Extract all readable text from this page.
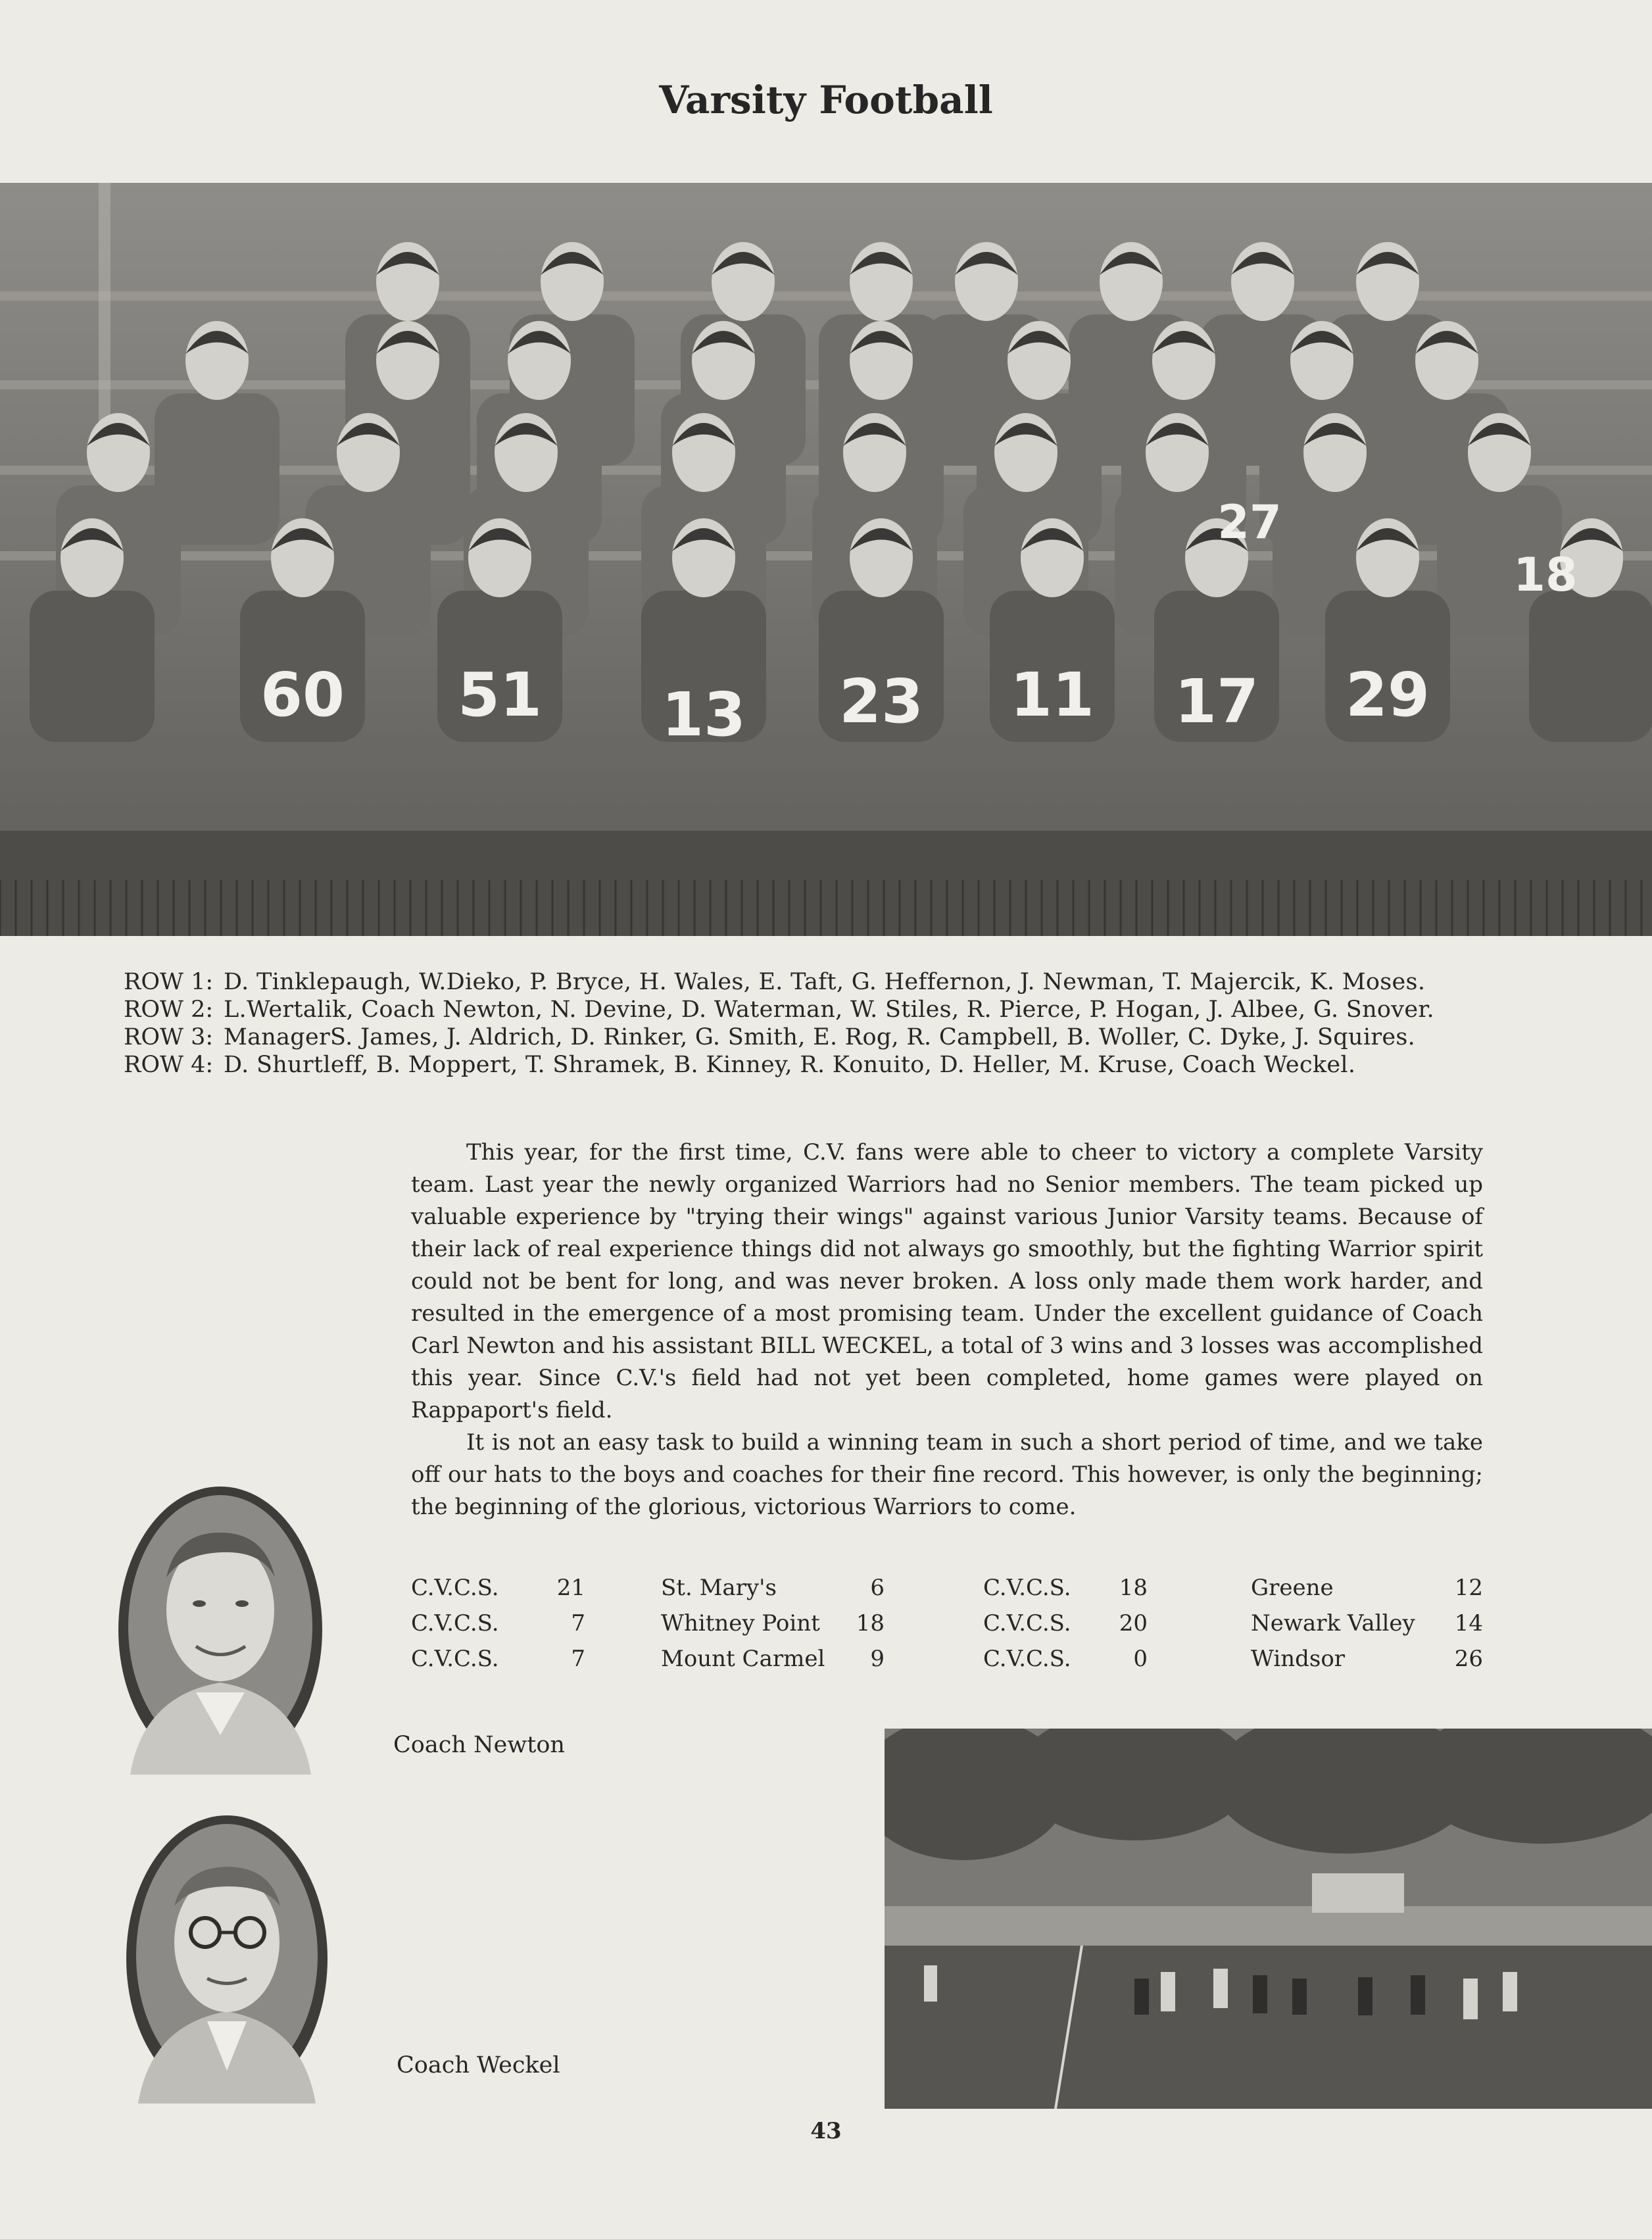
Varsity Football
60 51 13 23 11 17 29
27
18
ROW 1: D. Tinklepaugh, W.Dieko, P. Bryce, H. Wales, E. Taft, G. Heffernon, J. Newman, T. Majercik, K. Moses.
ROW 2: L.Wertalik, Coach Newton, N. Devine, D. Waterman, W. Stiles, R. Pierce, P. Hogan, J. Albee, G. Snover.
ROW 3: ManagerS. James, J. Aldrich, D. Rinker, G. Smith, E. Rog, R. Campbell, B. Woller, C. Dyke, J. Squires.
ROW 4: D. Shurtleff, B. Moppert, T. Shramek, B. Kinney, R. Konuito, D. Heller, M. Kruse, Coach Weckel.

This year, for the first time, C.V. fans were able to cheer to victory a complete Varsity team. Last year the newly organized Warriors had no Senior members. The team picked up valuable experience by "trying their wings" against various Junior Varsity teams. Because of their lack of real experience things did not always go smoothly, but the fighting Warrior spirit could not be bent for long, and was never broken. A loss only made them work harder, and resulted in the emergence of a most promising team. Under the excellent guidance of Coach Carl Newton and his assistant BILL WECKEL, a total of 3 wins and 3 losses was accomplished this year. Since C.V.'s field had not yet been completed, home games were played on Rappaport's field.

It is not an easy task to build a winning team in such a short period of time, and we take off our hats to the boys and coaches for their fine record. This however, is only the beginning; the beginning of the glorious, victorious Warriors to come.

C.V.C.S.	21	St. Mary's	6	C.V.C.S.	18	Greene	12
C.V.C.S.	7	Whitney Point	18	C.V.C.S.	20	Newark Valley	14
C.V.C.S.	7	Mount Carmel	9	C.V.C.S.	0	Windsor	26
Coach Newton
Coach Weckel
43
